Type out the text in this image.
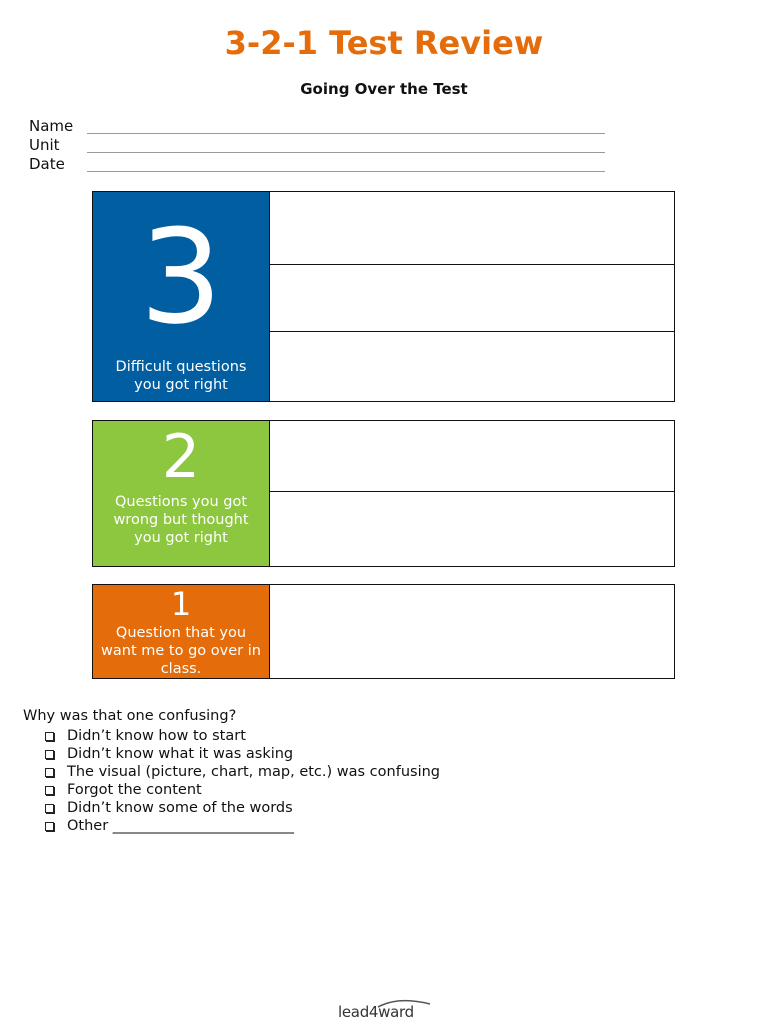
3-2-1 Test Review
Going Over the Test
Name
Unit
Date
3
Difficult questions you got right
2
Questions you got wrong but thought you got right
1
Question that you want me to go over in class.
Why was that one confusing?
Didn’t know how to start
Didn’t know what it was asking
The visual (picture, chart, map, etc.) was confusing
Forgot the content
Didn’t know some of the words
Other _________________________
lead4ward
